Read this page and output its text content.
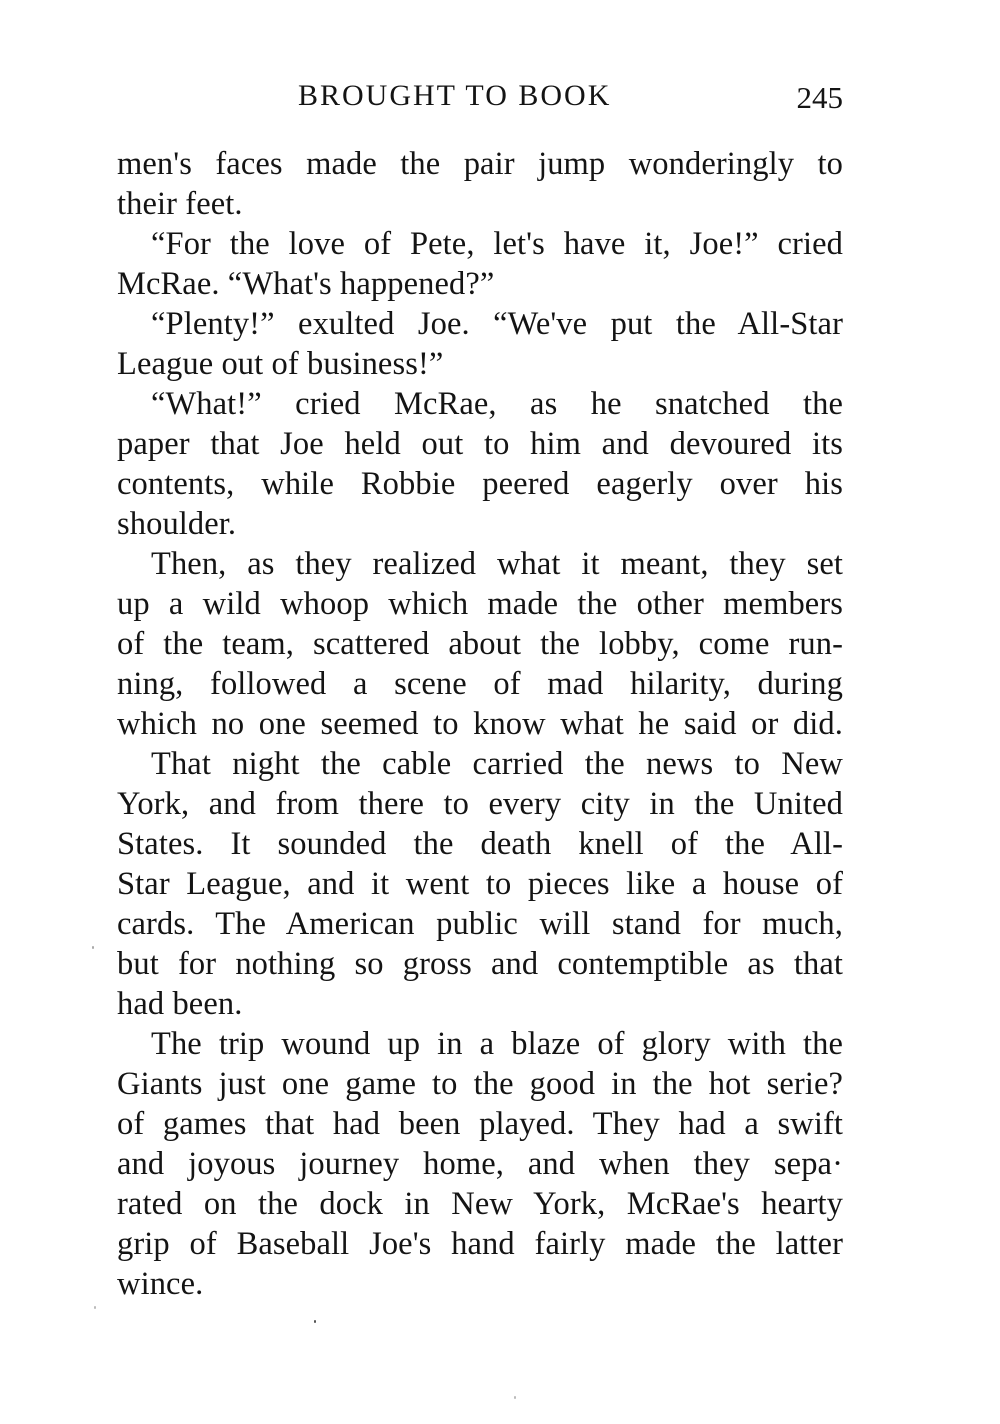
BROUGHT TO BOOK	245
men's faces made the pair jump wonderingly to
their feet.
“For the love of Pete, let's have it, Joe!” cried
McRae. “What's happened?”
“Plenty!” exulted Joe. “We've put the All-Star
League out of business!”
“What!” cried McRae, as he snatched the
paper that Joe held out to him and devoured its
contents, while Robbie peered eagerly over his
shoulder.
Then, as they realized what it meant, they set
up a wild whoop which made the other members
of the team, scattered about the lobby, come run-
ning, followed a scene of mad hilarity, during
which no one seemed to know what he said or did.
That night the cable carried the news to New
York, and from there to every city in the United
States. It sounded the death knell of the All-
Star League, and it went to pieces like a house of
cards. The American public will stand for much,
but for nothing so gross and contemptible as that
had been.
The trip wound up in a blaze of glory with the
Giants just one game to the good in the hot serie?
of games that had been played. They had a swift
and joyous journey home, and when they sepa·
rated on the dock in New York, McRae's hearty
grip of Baseball Joe's hand fairly made the latter
wince.
